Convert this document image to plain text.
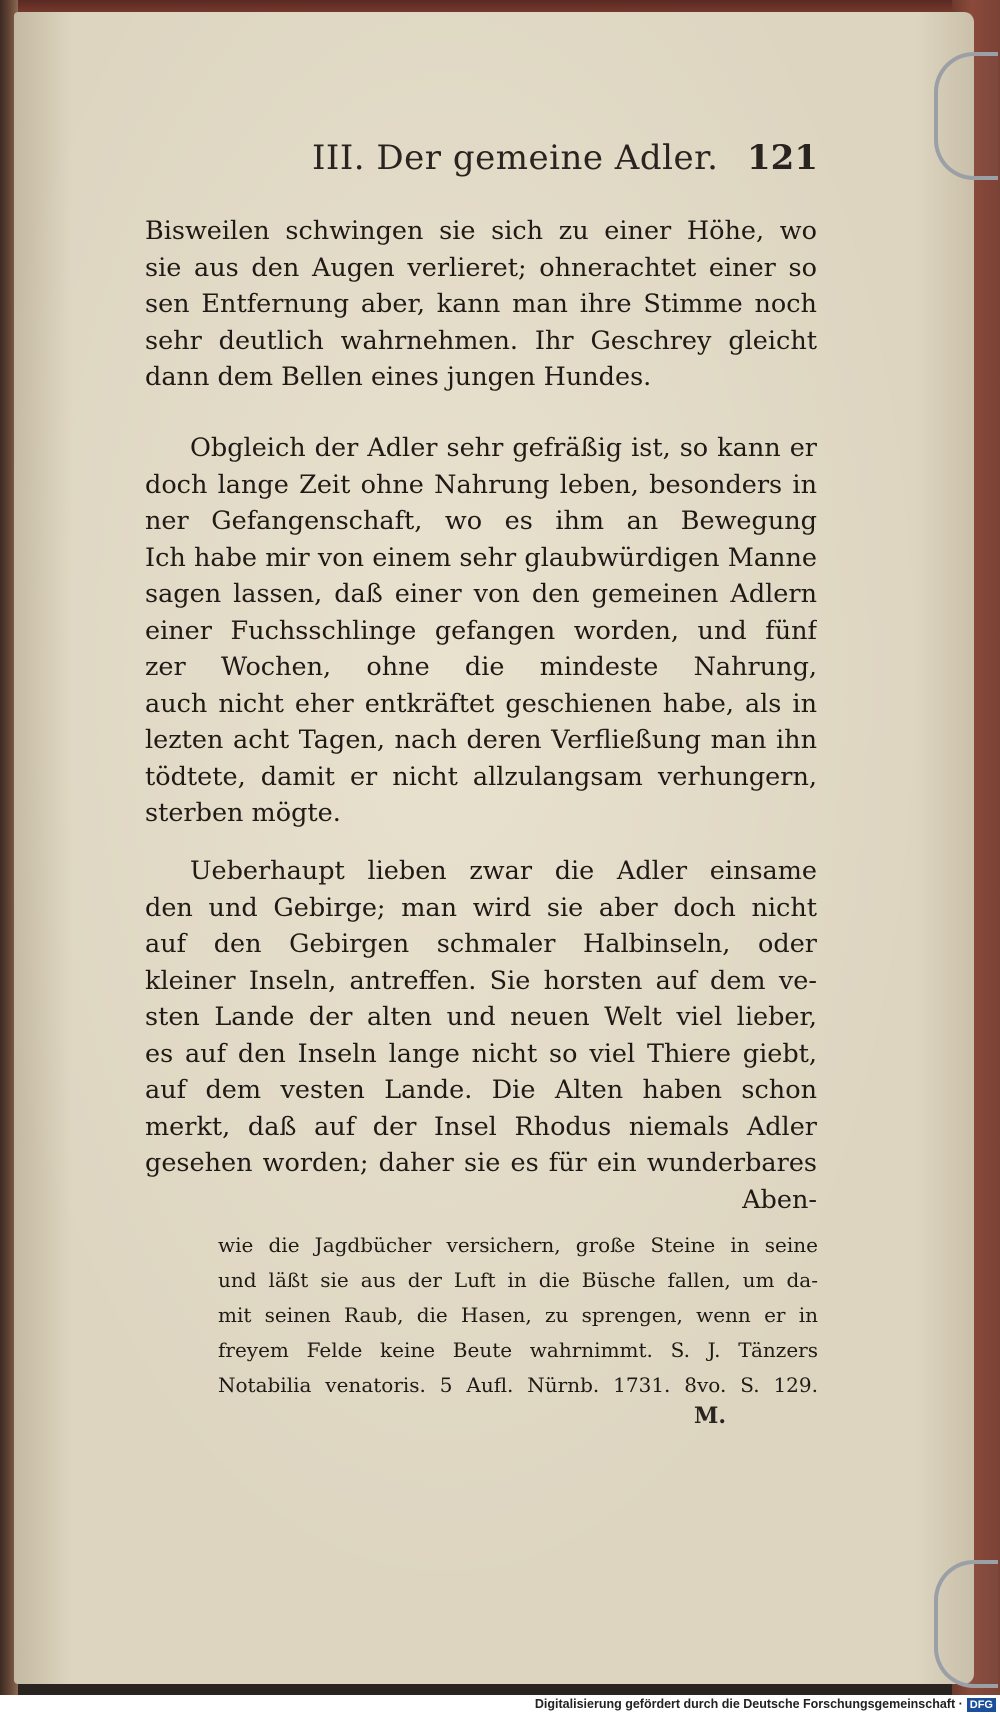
III. Der gemeine Adler. 121
Bisweilen schwingen sie sich zu einer Höhe, wo
sie aus den Augen verlieret; ohnerachtet einer so
sen Entfernung aber, kann man ihre Stimme noch
sehr deutlich wahrnehmen. Ihr Geschrey gleicht
dann dem Bellen eines jungen Hundes.
Obgleich der Adler sehr gefräßig ist, so kann er
doch lange Zeit ohne Nahrung leben, besonders in
ner Gefangenschaft, wo es ihm an Bewegung
Ich habe mir von einem sehr glaubwürdigen Manne
sagen lassen, daß einer von den gemeinen Adlern
einer Fuchsschlinge gefangen worden, und fünf
zer Wochen, ohne die mindeste Nahrung,
auch nicht eher entkräftet geschienen habe, als in
lezten acht Tagen, nach deren Verfließung man ihn
tödtete, damit er nicht allzulangsam verhungern,
sterben mögte.
Ueberhaupt lieben zwar die Adler einsame
den und Gebirge; man wird sie aber doch nicht
auf den Gebirgen schmaler Halbinseln, oder
kleiner Inseln, antreffen. Sie horsten auf dem ve-
sten Lande der alten und neuen Welt viel lieber,
es auf den Inseln lange nicht so viel Thiere giebt,
auf dem vesten Lande. Die Alten haben schon
merkt, daß auf der Insel Rhodus niemals Adler
gesehen worden; daher sie es für ein wunderbares
Aben-
wie die Jagdbücher versichern, große Steine in seine
und läßt sie aus der Luft in die Büsche fallen, um da-
mit seinen Raub, die Hasen, zu sprengen, wenn er in
freyem Felde keine Beute wahrnimmt. S. J. Tänzers
Notabilia venatoris. 5 Aufl. Nürnb. 1731. 8vo. S. 129.
M.
Digitalisierung gefördert durch die Deutsche Forschungsgemeinschaft · DFG
